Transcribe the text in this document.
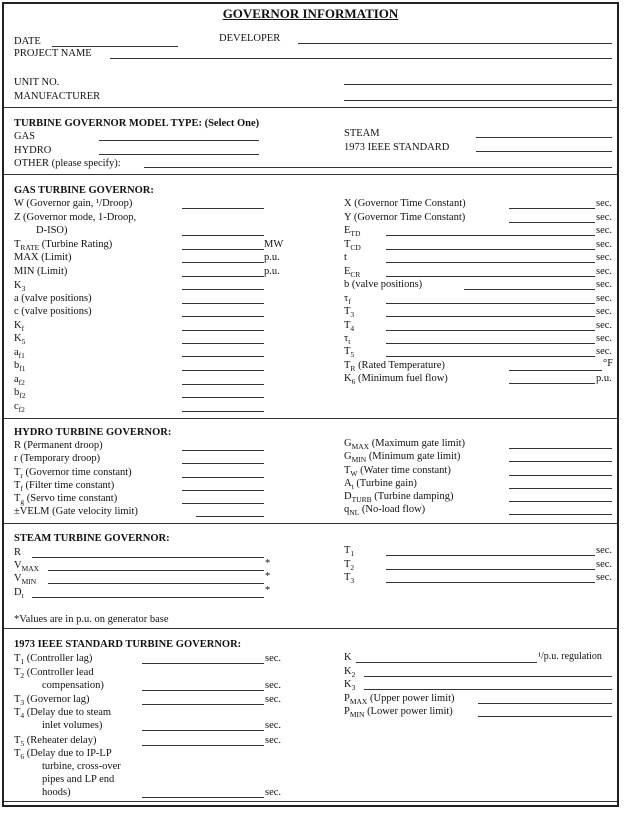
GOVERNOR INFORMATION
DATE	DEVELOPER
PROJECT NAME
UNIT NO.
MANUFACTURER
TURBINE GOVERNOR MODEL TYPE: (Select One)
GAS
HYDRO
OTHER (please specify):
STEAM
1973 IEEE STANDARD
GAS TURBINE GOVERNOR:
W (Governor gain, ¹/Droop)
Z (Governor mode, 1-Droop,
D-ISO)
$T_{RATE}$ (Turbine Rating)	MW
MAX (Limit)	p.u.
MIN (Limit)	p.u.
$K_3$
a (valve positions)
c (valve positions)
$K_f$
$K_5$
$a_{f1}$
$b_{f1}$
$a_{f2}$
$b_{f2}$
$c_{f2}$
X (Governor Time Constant)	sec.
Y (Governor Time Constant)	sec.
$E_{TD}$	sec.
$T_{CD}$	sec.
t	sec.
$E_{CR}$	sec.
b (valve positions)	sec.
$\tau_f$	sec.
$T_3$	sec.
$T_4$	sec.
$\tau_t$	sec.
$T_5$	sec.
$T_R$ (Rated Temperature)	°F
$K_6$ (Minimum fuel flow)	p.u.
HYDRO TURBINE GOVERNOR:
R (Permanent droop)
r (Temporary droop)
$T_r$ (Governor time constant)
$T_f$ (Filter time constant)
$T_g$ (Servo time constant)
±VELM (Gate velocity limit)
$G_{MAX}$ (Maximum gate limit)
$G_{MIN}$ (Minimum gate limit)
$T_W$ (Water time constant)
$A_t$ (Turbine gain)
$D_{TURB}$ (Turbine damping)
$q_{NL}$ (No-load flow)
STEAM TURBINE GOVERNOR:
R
$V_{MAX}$	*
$V_{MIN}$	*
$D_t$	*
$T_1$	sec.
$T_2$	sec.
$T_3$	sec.
*Values are in p.u. on generator base
1973 IEEE STANDARD TURBINE GOVERNOR:
$T_1$ (Controller lag)	sec.
$T_2$ (Controller lead
compensation)	sec.
$T_3$ (Governor lag)	sec.
$T_4$ (Delay due to steam
inlet volumes)	sec.
$T_5$ (Reheater delay)	sec.
$T_6$ (Delay due to IP-LP
turbine, cross-over
pipes and LP end
hoods)	sec.
K	¹/p.u. regulation
$K_2$
$K_3$
$P_{MAX}$ (Upper power limit)
$P_{MIN}$ (Lower power limit)
